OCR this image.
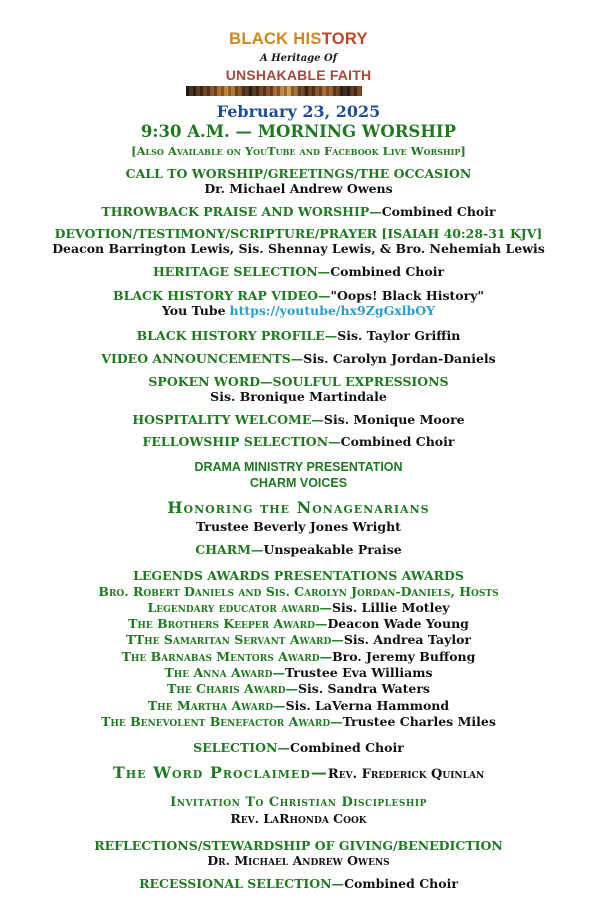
BLACK HISTORY
A Heritage Of
UNSHAKABLE FAITH
February 23, 2025
9:30 A.M. — MORNING WORSHIP
[Also Available on YouTube and Facebook Live Worship]
CALL TO WORSHIP/GREETINGS/THE OCCASION
Dr. Michael Andrew Owens
THROWBACK PRAISE AND WORSHIP—Combined Choir
DEVOTION/TESTIMONY/SCRIPTURE/PRAYER [ISAIAH 40:28-31 KJV]
Deacon Barrington Lewis, Sis. Shennay Lewis, & Bro. Nehemiah Lewis
HERITAGE SELECTION—Combined Choir
BLACK HISTORY RAP VIDEO—"Oops! Black History"
You Tube https://youtube/hx9ZgGxlbOY
BLACK HISTORY PROFILE—Sis. Taylor Griffin
VIDEO ANNOUNCEMENTS—Sis. Carolyn Jordan-Daniels
SPOKEN WORD—SOULFUL EXPRESSIONS
Sis. Bronique Martindale
HOSPITALITY WELCOME—Sis. Monique Moore
FELLOWSHIP SELECTION—Combined Choir
DRAMA MINISTRY PRESENTATION
CHARM VOICES
Honoring the Nonagenarians
Trustee Beverly Jones Wright
CHARM—Unspeakable Praise
LEGENDS AWARDS PRESENTATIONS AWARDS
Bro. Robert Daniels and Sis. Carolyn Jordan-Daniels, Hosts
Legendary educator award—Sis. Lillie Motley
The Brothers Keeper Award—Deacon Wade Young
TThe Samaritan Servant Award—Sis. Andrea Taylor
The Barnabas Mentors Award—Bro. Jeremy Buffong
The Anna Award—Trustee Eva Williams
The Charis Award—Sis. Sandra Waters
The Martha Award—Sis. LaVerna Hammond
The Benevolent Benefactor Award—Trustee Charles Miles
SELECTION—Combined Choir
The Word Proclaimed—Rev. Frederick Quinlan
Invitation To Christian Discipleship
Rev. LaRhonda Cook
REFLECTIONS/STEWARDSHIP OF GIVING/BENEDICTION
Dr. Michael Andrew Owens
RECESSIONAL SELECTION—Combined Choir
